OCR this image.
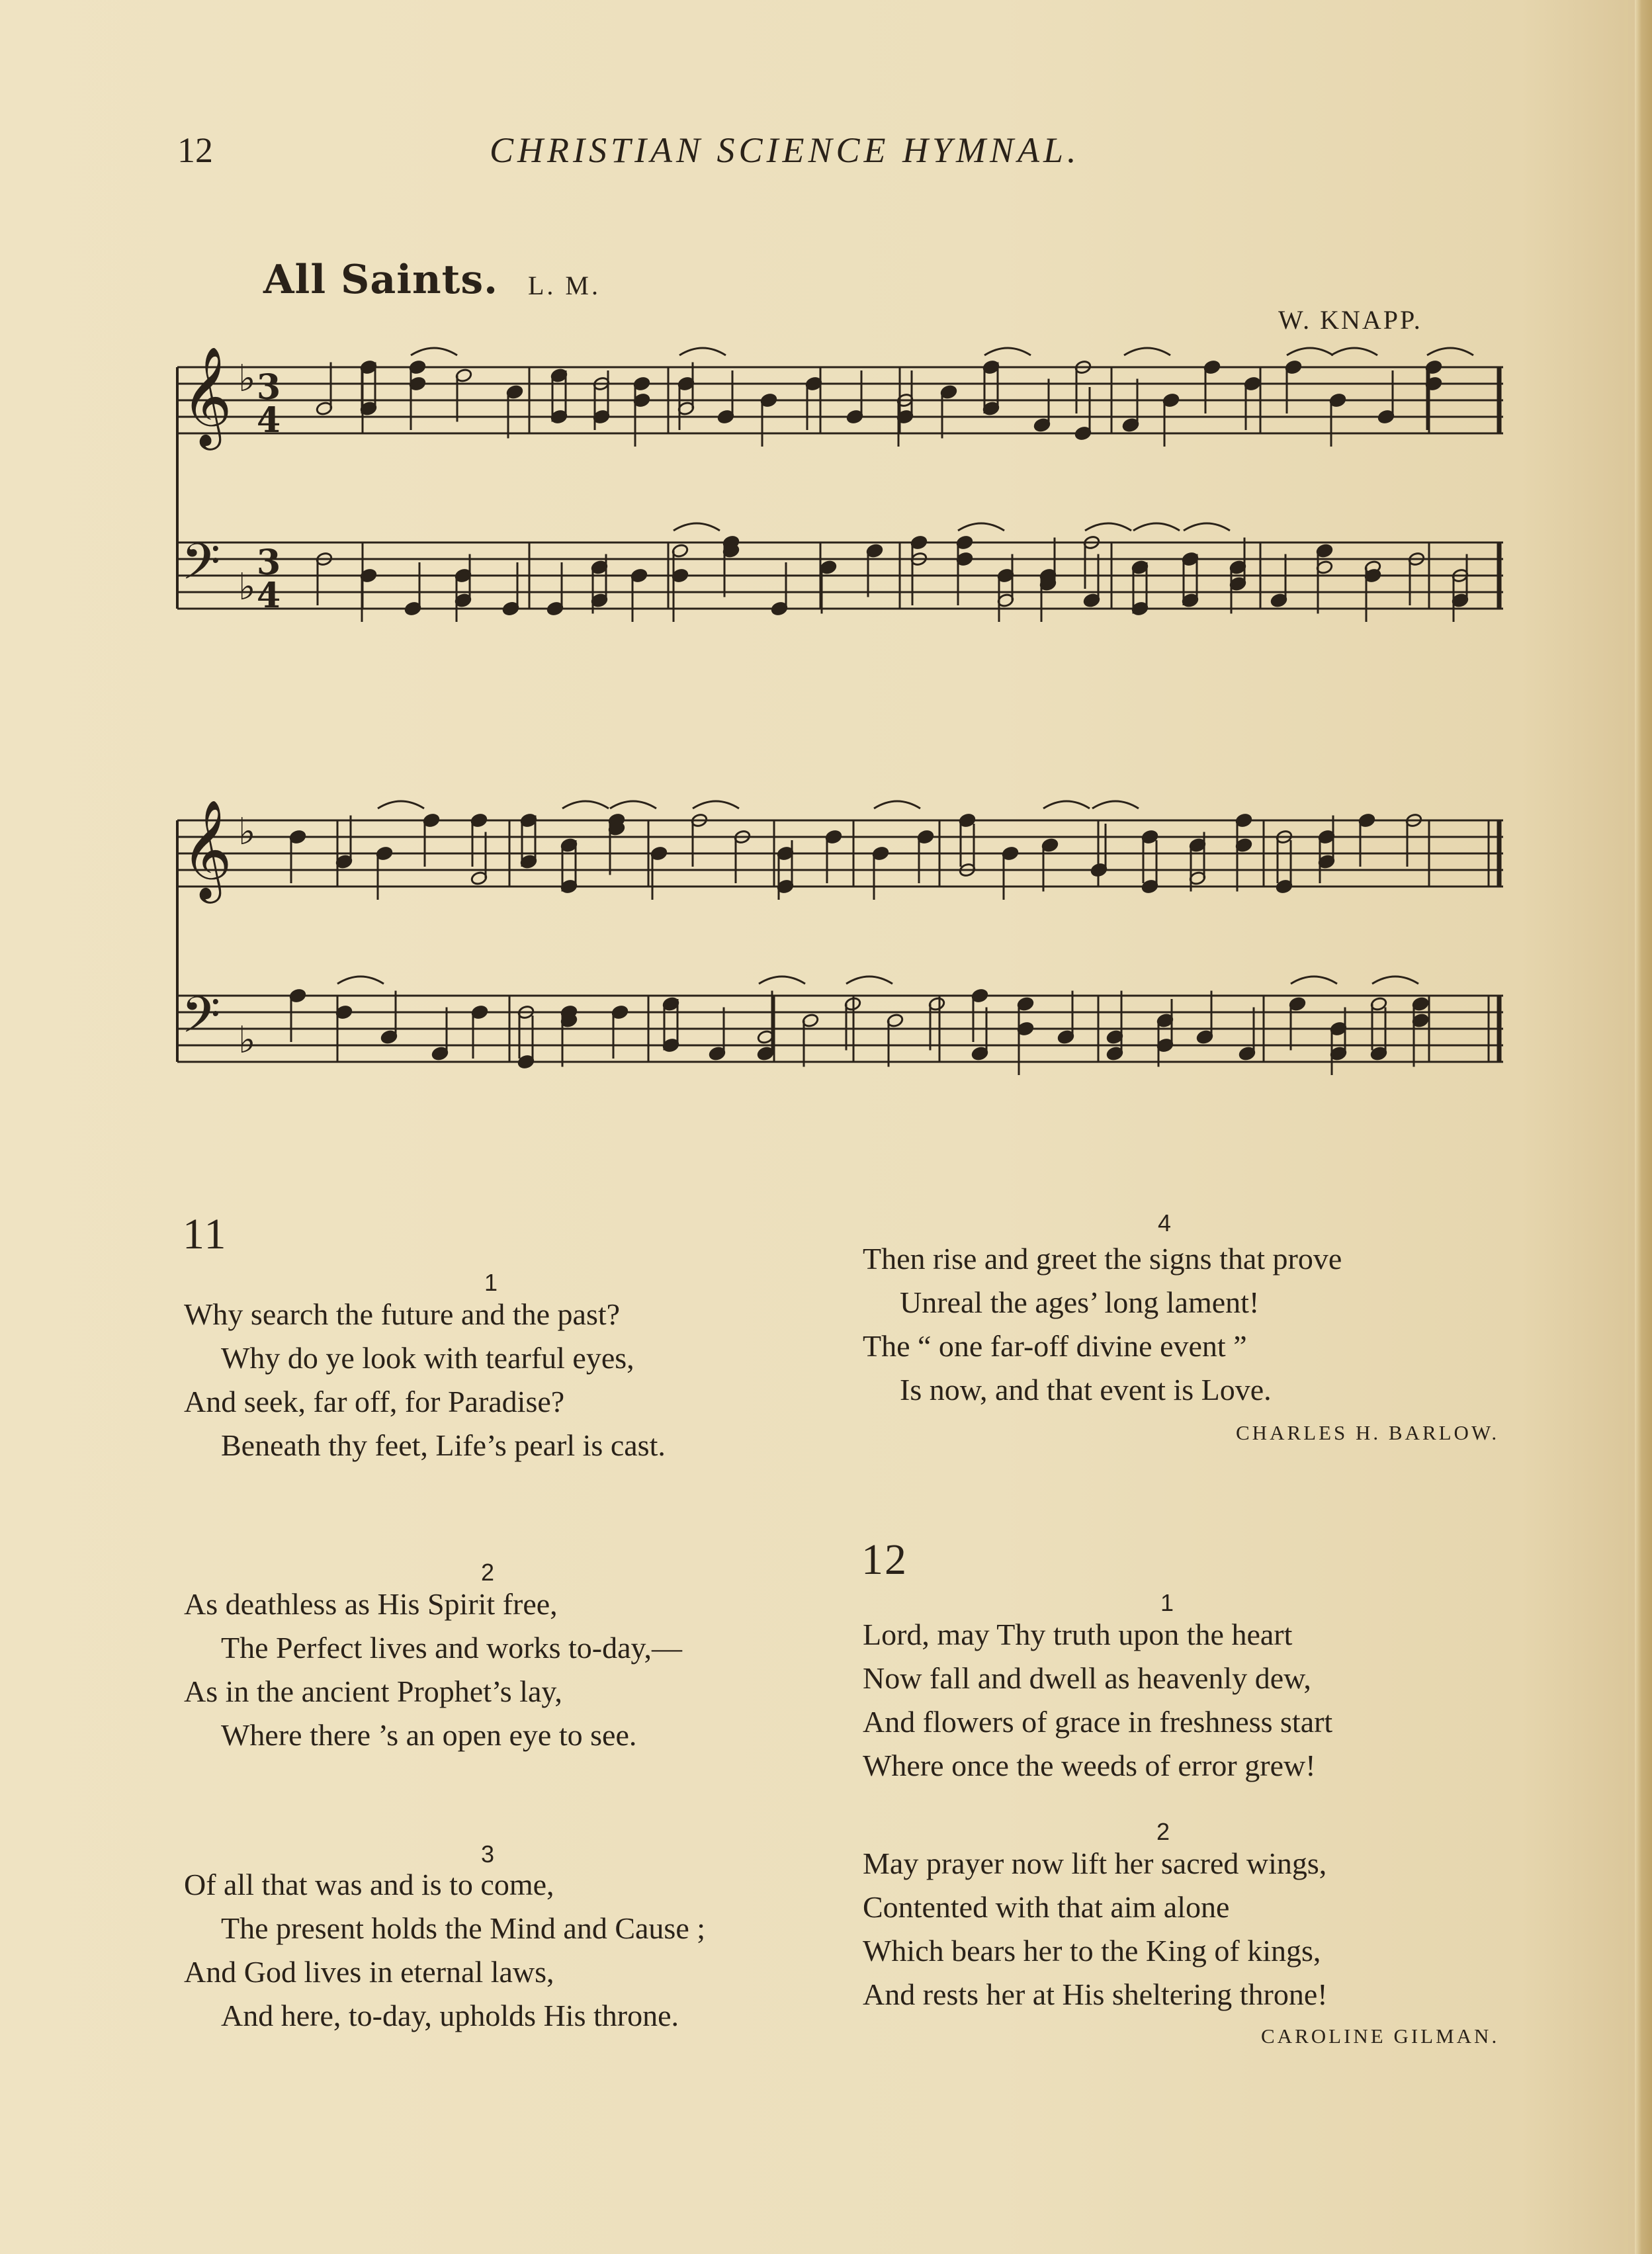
12	CHRISTIAN SCIENCE HYMNAL.
All Saints. L. M.
W. KNAPP.
𝄞 ♭ 3
4
𝄢 ♭
3
4
𝄞 ♭
𝄢 ♭
11
1
Why search the future and the past?
Why do ye look with tearful eyes,
And seek, far off, for Paradise?
Beneath thy feet, Life’s pearl is cast.
2
As deathless as His Spirit free,
The Perfect lives and works to-day,—
As in the ancient Prophet’s lay,
Where there ’s an open eye to see.
3
Of all that was and is to come,
The present holds the Mind and Cause ;
And God lives in eternal laws,
And here, to-day, upholds His throne.
4
Then rise and greet the signs that prove
Unreal the ages’ long lament!
The “ one far-off divine event ”
Is now, and that event is Love.
CHARLES H. BARLOW.
12
1
Lord, may Thy truth upon the heart
Now fall and dwell as heavenly dew,
And flowers of grace in freshness start
Where once the weeds of error grew!
2
May prayer now lift her sacred wings,
Contented with that aim alone
Which bears her to the King of kings,
And rests her at His sheltering throne!
CAROLINE GILMAN.
